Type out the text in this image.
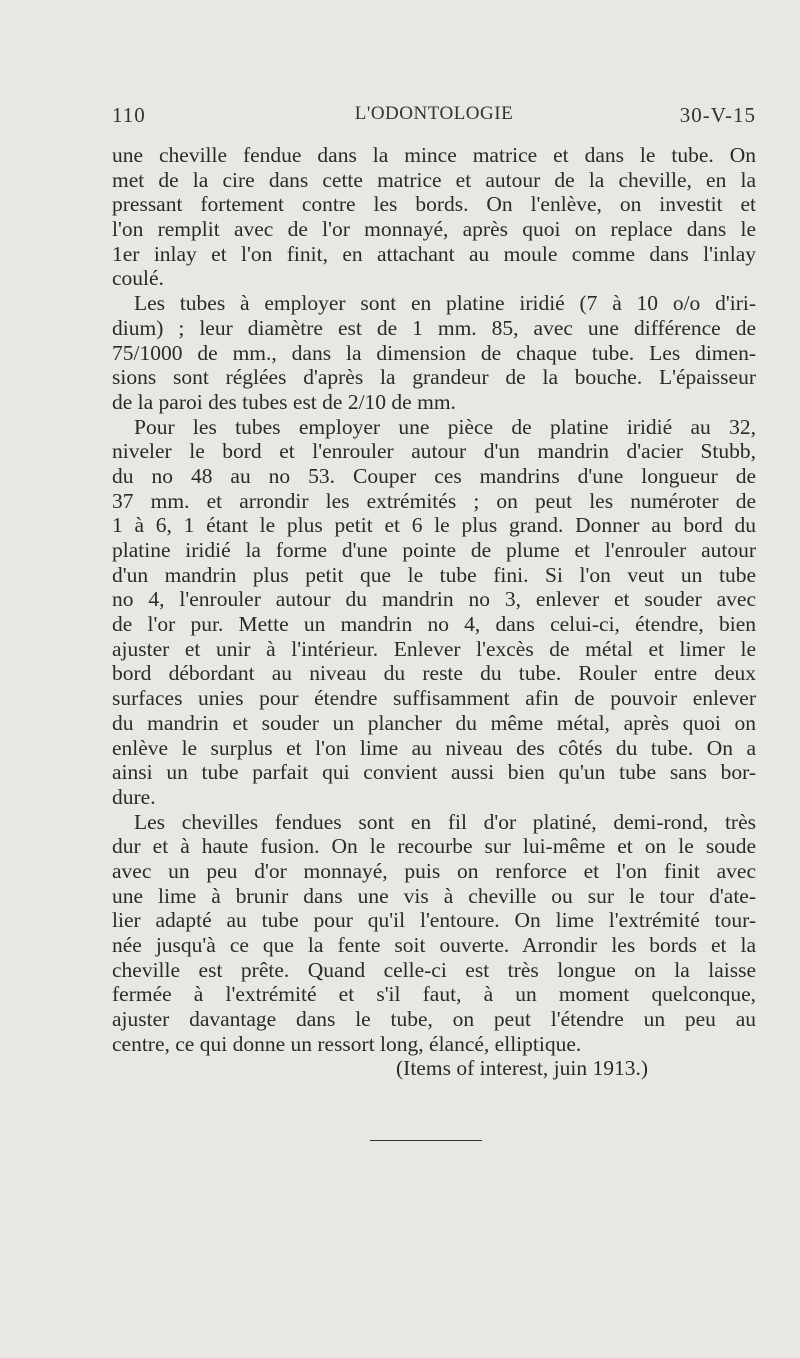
110	L'ODONTOLOGIE	30-V-15
une cheville fendue dans la mince matrice et dans le tube. On
met de la cire dans cette matrice et autour de la cheville, en la
pressant fortement contre les bords. On l'enlève, on investit et
l'on remplit avec de l'or monnayé, après quoi on replace dans le
1er inlay et l'on finit, en attachant au moule comme dans l'inlay
coulé.
Les tubes à employer sont en platine iridié (7 à 10 o/o d'iri-
dium) ; leur diamètre est de 1 mm. 85, avec une différence de
75/1000 de mm., dans la dimension de chaque tube. Les dimen-
sions sont réglées d'après la grandeur de la bouche. L'épaisseur
de la paroi des tubes est de 2/10 de mm.
Pour les tubes employer une pièce de platine iridié au 32,
niveler le bord et l'enrouler autour d'un mandrin d'acier Stubb,
du no 48 au no 53. Couper ces mandrins d'une longueur de
37 mm. et arrondir les extrémités ; on peut les numéroter de
1 à 6, 1 étant le plus petit et 6 le plus grand. Donner au bord du
platine iridié la forme d'une pointe de plume et l'enrouler autour
d'un mandrin plus petit que le tube fini. Si l'on veut un tube
no 4, l'enrouler autour du mandrin no 3, enlever et souder avec
de l'or pur. Mette un mandrin no 4, dans celui-ci, étendre, bien
ajuster et unir à l'intérieur. Enlever l'excès de métal et limer le
bord débordant au niveau du reste du tube. Rouler entre deux
surfaces unies pour étendre suffisamment afin de pouvoir enlever
du mandrin et souder un plancher du même métal, après quoi on
enlève le surplus et l'on lime au niveau des côtés du tube. On a
ainsi un tube parfait qui convient aussi bien qu'un tube sans bor-
dure.
Les chevilles fendues sont en fil d'or platiné, demi-rond, très
dur et à haute fusion. On le recourbe sur lui-même et on le soude
avec un peu d'or monnayé, puis on renforce et l'on finit avec
une lime à brunir dans une vis à cheville ou sur le tour d'ate-
lier adapté au tube pour qu'il l'entoure. On lime l'extrémité tour-
née jusqu'à ce que la fente soit ouverte. Arrondir les bords et la
cheville est prête. Quand celle-ci est très longue on la laisse
fermée à l'extrémité et s'il faut, à un moment quelconque,
ajuster davantage dans le tube, on peut l'étendre un peu au
centre, ce qui donne un ressort long, élancé, elliptique.
(Items of interest, juin 1913.)
